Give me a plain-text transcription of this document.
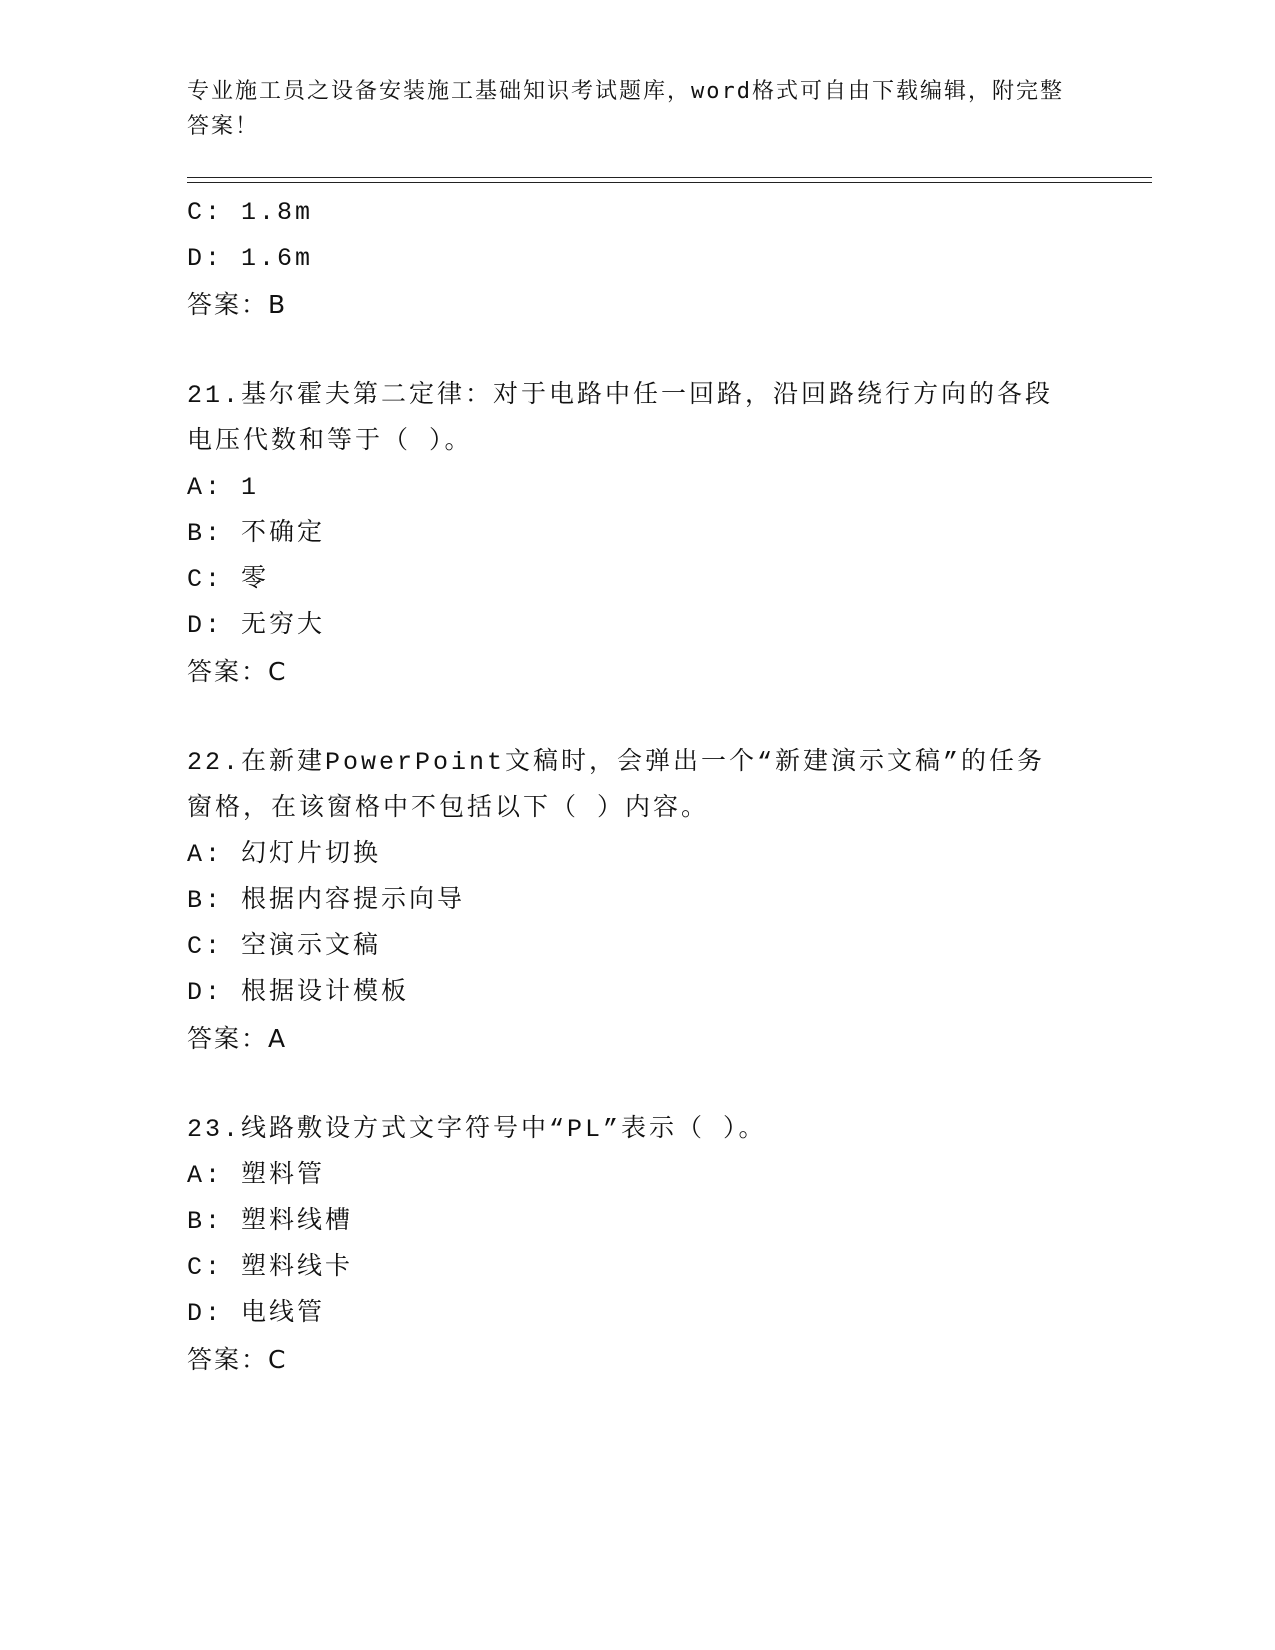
专业施工员之设备安装施工基础知识考试题库，word格式可自由下载编辑，附完整答案！
C: 1.8m
D: 1.6m
答案：B
21.基尔霍夫第二定律：对于电路中任一回路，沿回路绕行方向的各段
电压代数和等于（ ）。
A: 1
B: 不确定
C: 零
D: 无穷大
答案：C
22.在新建PowerPoint文稿时，会弹出一个“新建演示文稿”的任务
窗格，在该窗格中不包括以下（ ）内容。
A: 幻灯片切换
B: 根据内容提示向导
C: 空演示文稿
D: 根据设计模板
答案：A
23.线路敷设方式文字符号中“PL”表示（ ）。
A: 塑料管
B: 塑料线槽
C: 塑料线卡
D: 电线管
答案：C
